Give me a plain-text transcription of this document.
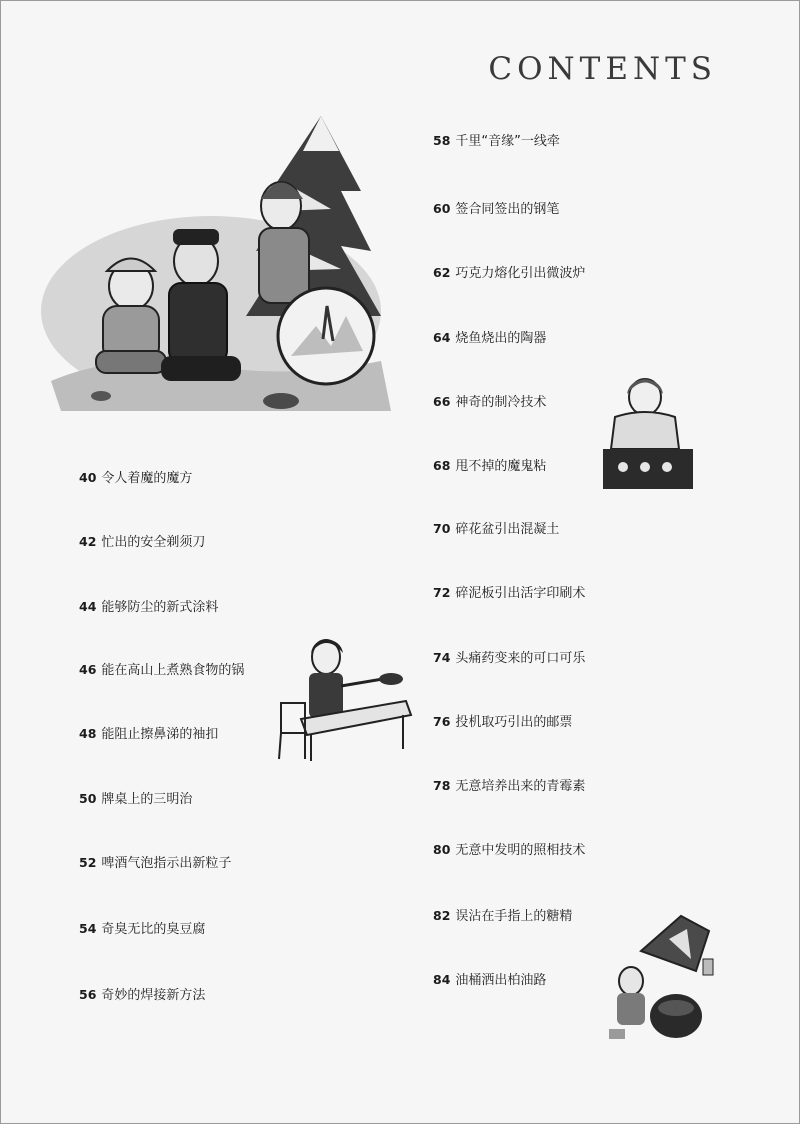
CONTENTS
40 令人着魔的魔方
42 忙出的安全剃须刀
44 能够防尘的新式涂料
46 能在高山上煮熟食物的锅
48 能阻止擦鼻涕的袖扣
50 牌桌上的三明治
52 啤酒气泡指示出新粒子
54 奇臭无比的臭豆腐
56 奇妙的焊接新方法
58 千里“音缘”一线牵
60 签合同签出的钢笔
62 巧克力熔化引出微波炉
64 烧鱼烧出的陶器
66 神奇的制冷技术
68 甩不掉的魔鬼粘
70 碎花盆引出混凝土
72 碎泥板引出活字印刷术
74 头痛药变来的可口可乐
76 投机取巧引出的邮票
78 无意培养出来的青霉素
80 无意中发明的照相技术
82 误沾在手指上的糖精
84 油桶洒出柏油路
